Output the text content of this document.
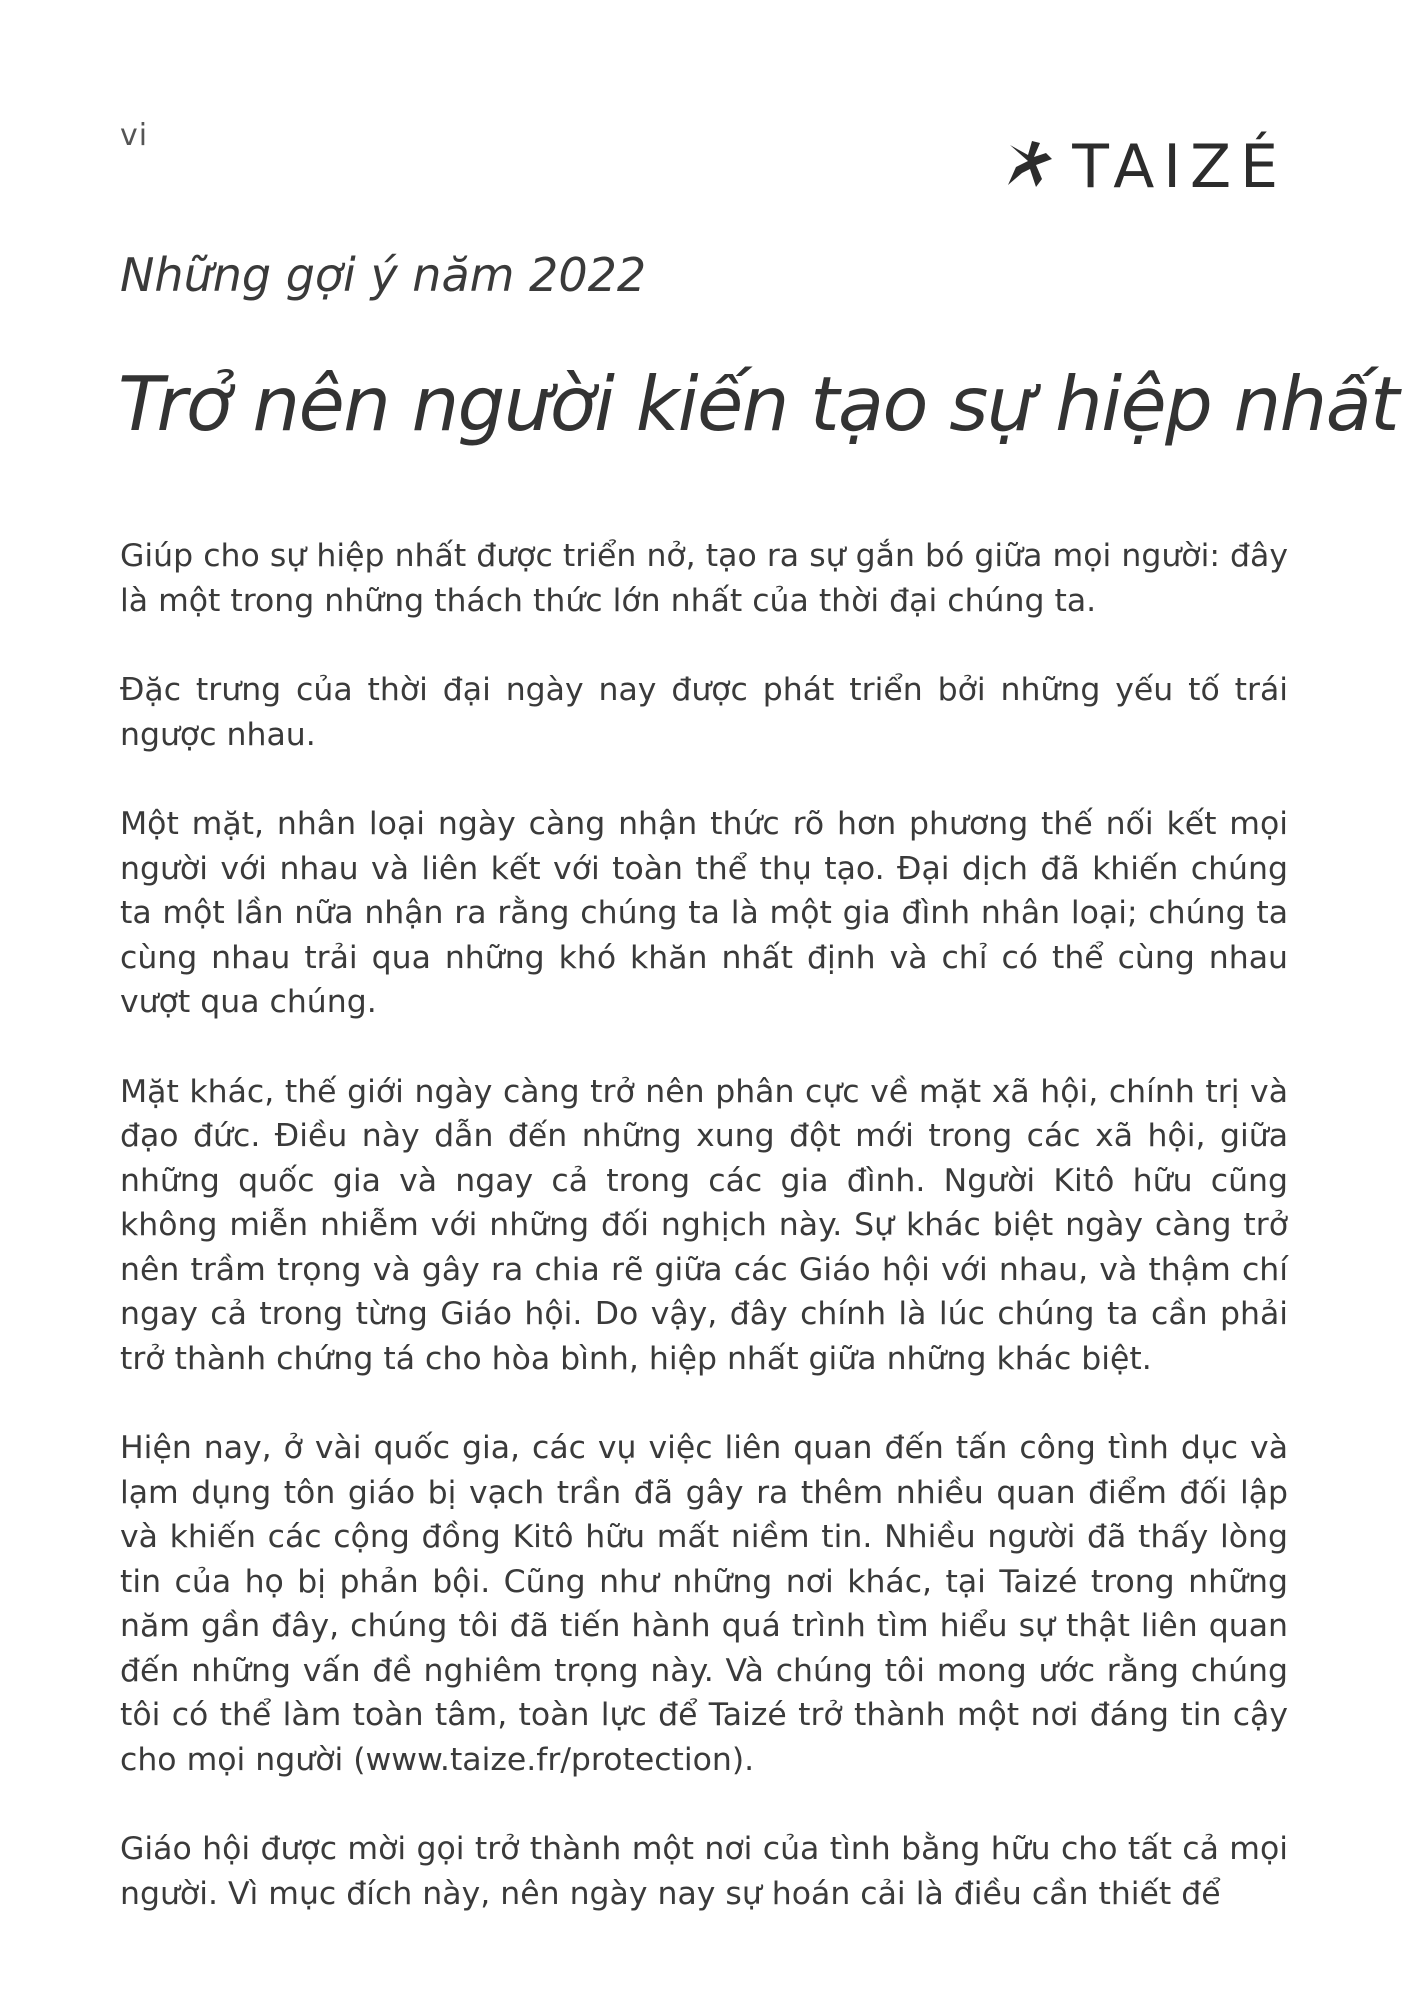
vi	TAIZÉ
Những gợi ý năm 2022
Trở nên người kiến tạo sự hiệp nhất

Giúp cho sự hiệp nhất được triển nở, tạo ra sự gắn bó giữa mọi người: đây là một trong những thách thức lớn nhất của thời đại chúng ta.

Đặc trưng của thời đại ngày nay được phát triển bởi những yếu tố trái ngược nhau.

Một mặt, nhân loại ngày càng nhận thức rõ hơn phương thế nối kết mọi người với nhau và liên kết với toàn thể thụ tạo. Đại dịch đã khiến chúng ta một lần nữa nhận ra rằng chúng ta là một gia đình nhân loại; chúng ta cùng nhau trải qua những khó khăn nhất định và chỉ có thể cùng nhau vượt qua chúng.

Mặt khác, thế giới ngày càng trở nên phân cực về mặt xã hội, chính trị và đạo đức. Điều này dẫn đến những xung đột mới trong các xã hội, giữa những quốc gia và ngay cả trong các gia đình. Người Kitô hữu cũng không miễn nhiễm với những đối nghịch này. Sự khác biệt ngày càng trở nên trầm trọng và gây ra chia rẽ giữa các Giáo hội với nhau, và thậm chí ngay cả trong từng Giáo hội. Do vậy, đây chính là lúc chúng ta cần phải trở thành chứng tá cho hòa bình, hiệp nhất giữa những khác biệt.

Hiện nay, ở vài quốc gia, các vụ việc liên quan đến tấn công tình dục và lạm dụng tôn giáo bị vạch trần đã gây ra thêm nhiều quan điểm đối lập và khiến các cộng đồng Kitô hữu mất niềm tin. Nhiều người đã thấy lòng tin của họ bị phản bội. Cũng như những nơi khác, tại Taizé trong những năm gần đây, chúng tôi đã tiến hành quá trình tìm hiểu sự thật liên quan đến những vấn đề nghiêm trọng này. Và chúng tôi mong ước rằng chúng tôi có thể làm toàn tâm, toàn lực để Taizé trở thành một nơi đáng tin cậy cho mọi người (www.taize.fr/protection).

Giáo hội được mời gọi trở thành một nơi của tình bằng hữu cho tất cả mọi người. Vì mục đích này, nên ngày nay sự hoán cải là điều cần thiết để
